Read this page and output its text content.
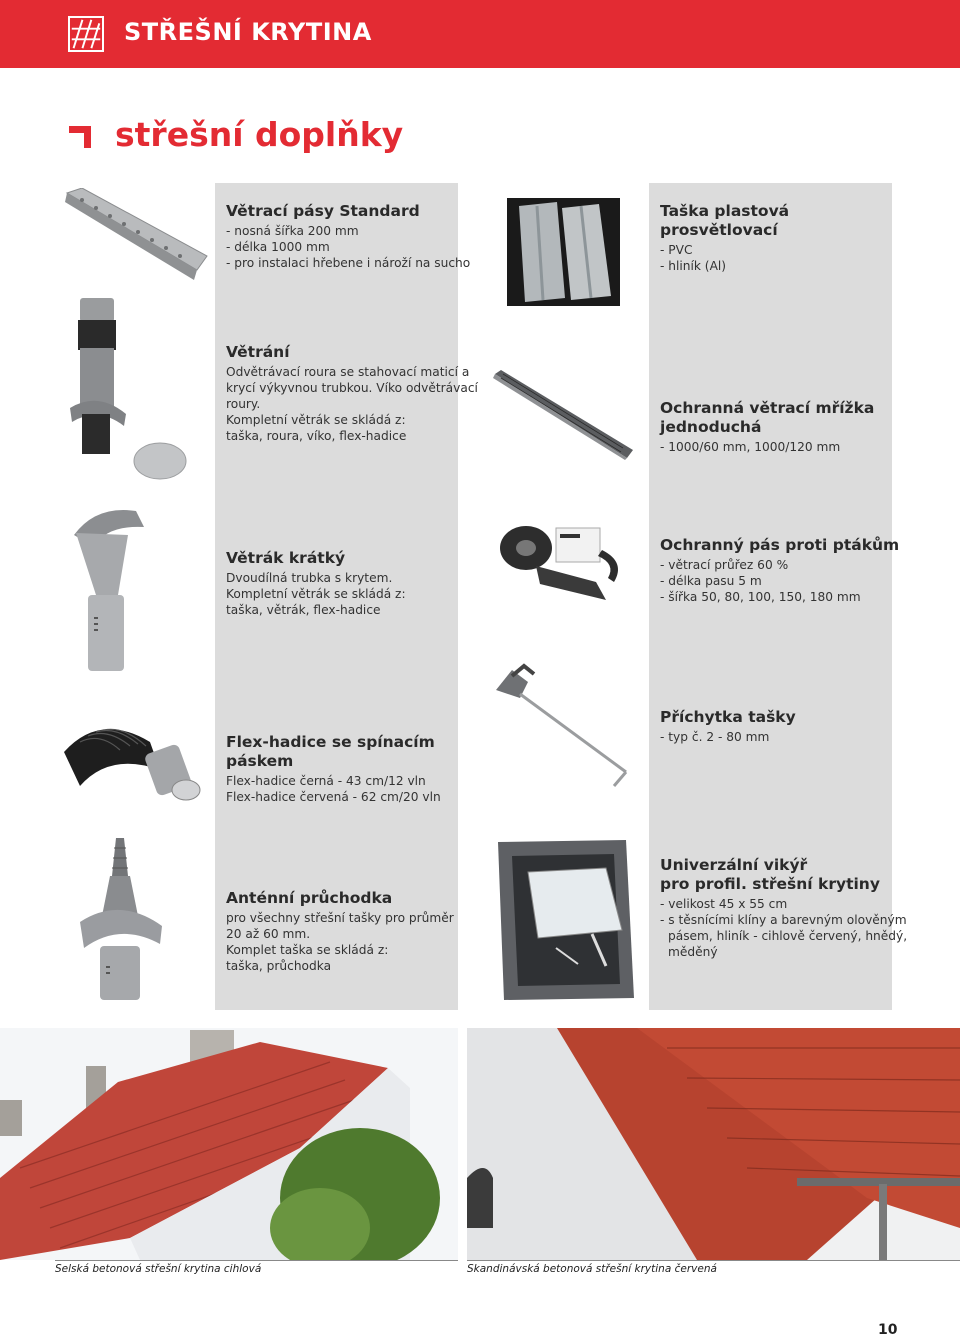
STŘEŠNÍ KRYTINA
střešní doplňky
Větrací pásy Standard
- nosná šířka 200 mm
- délka 1000 mm
- pro instalaci hřebene i nároží na sucho
Taška plastová
prosvětlovací
- PVC
- hliník (Al)
Větrání
Odvětrávací roura se stahovací maticí a
krycí výkyvnou trubkou. Víko odvětrávací
roury.
Kompletní větrák se skládá z:
taška, roura, víko, flex-hadice
Ochranná větrací mřížka
jednoduchá
- 1000/60 mm, 1000/120 mm
Větrák krátký
Dvoudílná trubka s krytem.
Kompletní větrák se skládá z:
taška, větrák, flex-hadice
Ochranný pás proti ptákům
- větrací průřez 60 %
- délka pasu 5 m
- šířka 50, 80, 100, 150, 180 mm
Flex-hadice se spínacím
páskem
Flex-hadice černá - 43 cm/12 vln
Flex-hadice červená - 62 cm/20 vln
Příchytka tašky
- typ č. 2 - 80 mm
Anténní průchodka
pro všechny střešní tašky pro průměr
20 až 60 mm.
Komplet taška se skládá z:
taška, průchodka
Univerzální vikýř
pro profil. střešní krytiny
- velikost 45 x 55 cm
- s těsnícími klíny a barevným olověným
pásem, hliník - cihlově červený, hnědý,
měděný
Selská betonová střešní krytina cihlová	Skandinávská betonová střešní krytina červená
10
